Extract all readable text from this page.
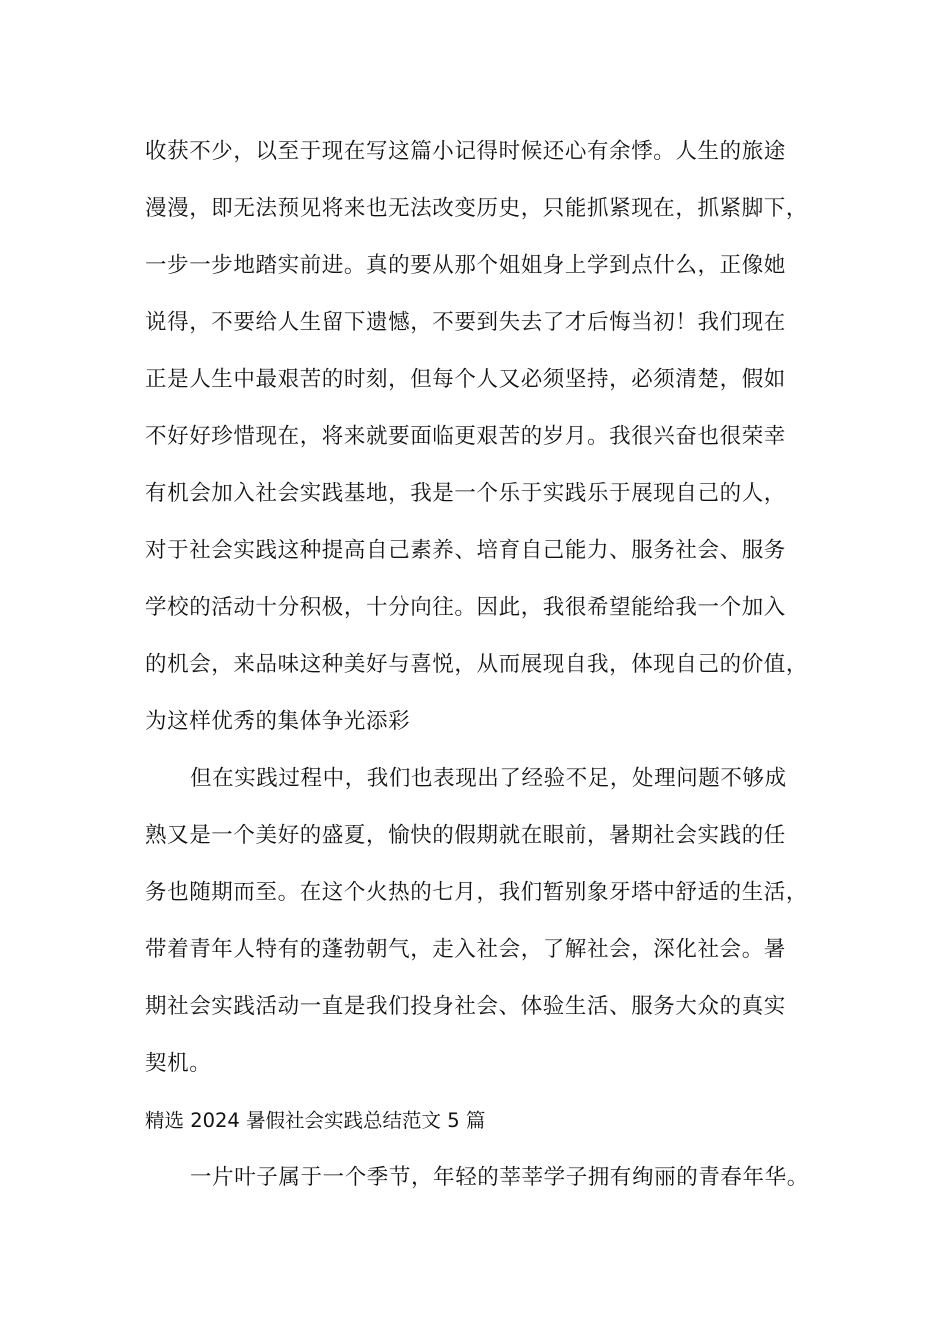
收获不少，以至于现在写这篇小记得时候还心有余悸。人生的旅途
漫漫，即无法预见将来也无法改变历史，只能抓紧现在，抓紧脚下，
一步一步地踏实前进。真的要从那个姐姐身上学到点什么，正像她
说得，不要给人生留下遗憾，不要到失去了才后悔当初！我们现在
正是人生中最艰苦的时刻，但每个人又必须坚持，必须清楚，假如
不好好珍惜现在，将来就要面临更艰苦的岁月。我很兴奋也很荣幸
有机会加入社会实践基地，我是一个乐于实践乐于展现自己的人，
对于社会实践这种提高自己素养、培育自己能力、服务社会、服务
学校的活动十分积极，十分向往。因此，我很希望能给我一个加入
的机会，来品味这种美好与喜悦，从而展现自我，体现自己的价值，
为这样优秀的集体争光添彩
但在实践过程中，我们也表现出了经验不足，处理问题不够成
熟又是一个美好的盛夏，愉快的假期就在眼前，暑期社会实践的任
务也随期而至。在这个火热的七月，我们暂别象牙塔中舒适的生活，
带着青年人特有的蓬勃朝气，走入社会，了解社会，深化社会。暑
期社会实践活动一直是我们投身社会、体验生活、服务大众的真实
契机。
精选 2024 暑假社会实践总结范文 5 篇
一片叶子属于一个季节，年轻的莘莘学子拥有绚丽的青春年华。
